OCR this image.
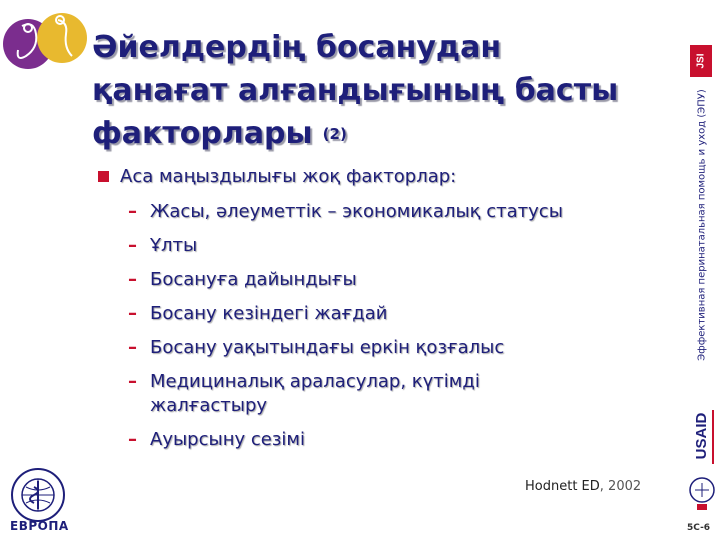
Әйелдердің босанудан
қанағат алғандығының басты
факторлары (2)
Аса маңыздылығы жоқ факторлар:
– Жасы, әлеуметтік – экономикалық статусы
– Ұлты
– Босануға дайындығы
– Босану кезіндегі жағдай
– Босану уақытындағы еркін қозғалыс
– Медициналық араласулар, күтімді жалғастыру
– Ауырсыну сезімі
Hodnett ED, 2002
JSI
Эффективная перинатальная помощь и уход (ЭПУ)
USAID
ЕВРОПА	5C-6
